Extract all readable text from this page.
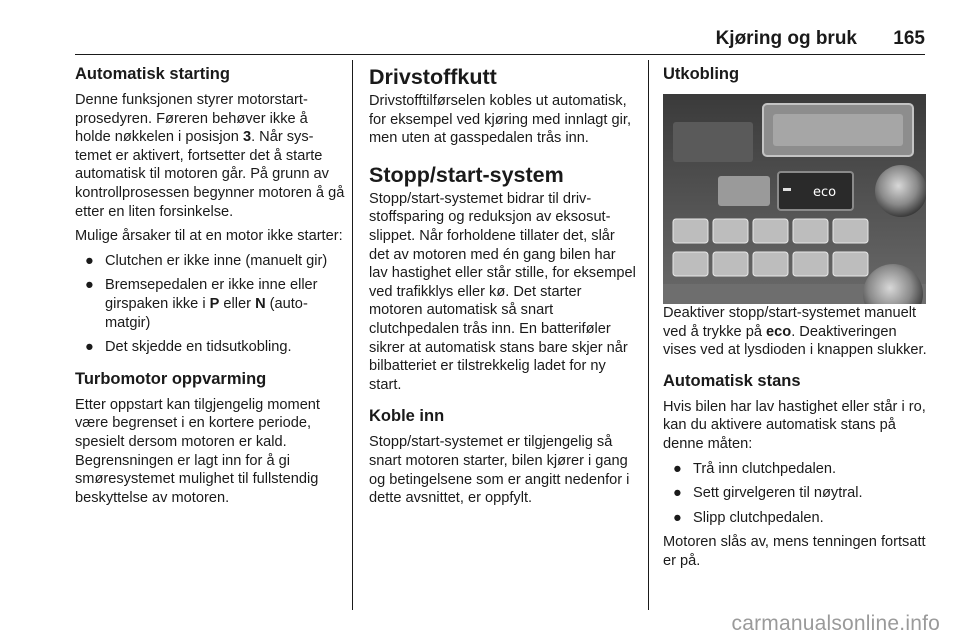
Kjøring og bruk 165
Automatisk starting

Denne funksjonen styrer motorstartprosedyren. Føreren behøver ikke å holde nøkkelen i posisjon 3. Når systemet er aktivert, fortsetter det å starte automatisk til motoren går. På grunn av kontrollprosessen begynner motoren å gå etter en liten forsinkelse.

Mulige årsaker til at en motor ikke starter:

● Clutchen er ikke inne (manuelt gir)
● Bremsepedalen er ikke inne eller girspaken ikke i P eller N (automatgir)
● Det skjedde en tidsutkobling.
Turbomotor oppvarming

Etter oppstart kan tilgjengelig moment være begrenset i en kortere periode, spesielt dersom motoren er kald. Begrensningen er lagt inn for å gi smøresystemet mulighet til fullstendig beskyttelse av motoren.

Drivstoffkutt

Drivstofftilførselen kobles ut automatisk, for eksempel ved kjøring med innlagt gir, men uten at gasspedalen trås inn.

Stopp/start-system

Stopp/start-systemet bidrar til drivstoffsparing og reduksjon av eksosutslippet. Når forholdene tillater det, slår det av motoren med én gang bilen har lav hastighet eller står stille, for eksempel ved trafikklys eller kø. Det starter motoren automatisk så snart clutchpedalen trås inn. En batteriføler sikrer at automatisk stans bare skjer når bilbatteriet er tilstrekkelig ladet for ny start.

Koble inn

Stopp/start-systemet er tilgjengelig så snart motoren starter, bilen kjører i gang og betingelsene som er angitt nedenfor i dette avsnittet, er oppfylt.

Utkobling
eco

Deaktiver stopp/start-systemet manuelt ved å trykke på eco. Deaktiveringen vises ved at lysdioden i knappen slukker.

Automatisk stans

Hvis bilen har lav hastighet eller står i ro, kan du aktivere automatisk stans på denne måten:

● Trå inn clutchpedalen.
● Sett girvelgeren til nøytral.
● Slipp clutchpedalen.

Motoren slås av, mens tenningen fortsatt er på.

carmanualsonline.info
